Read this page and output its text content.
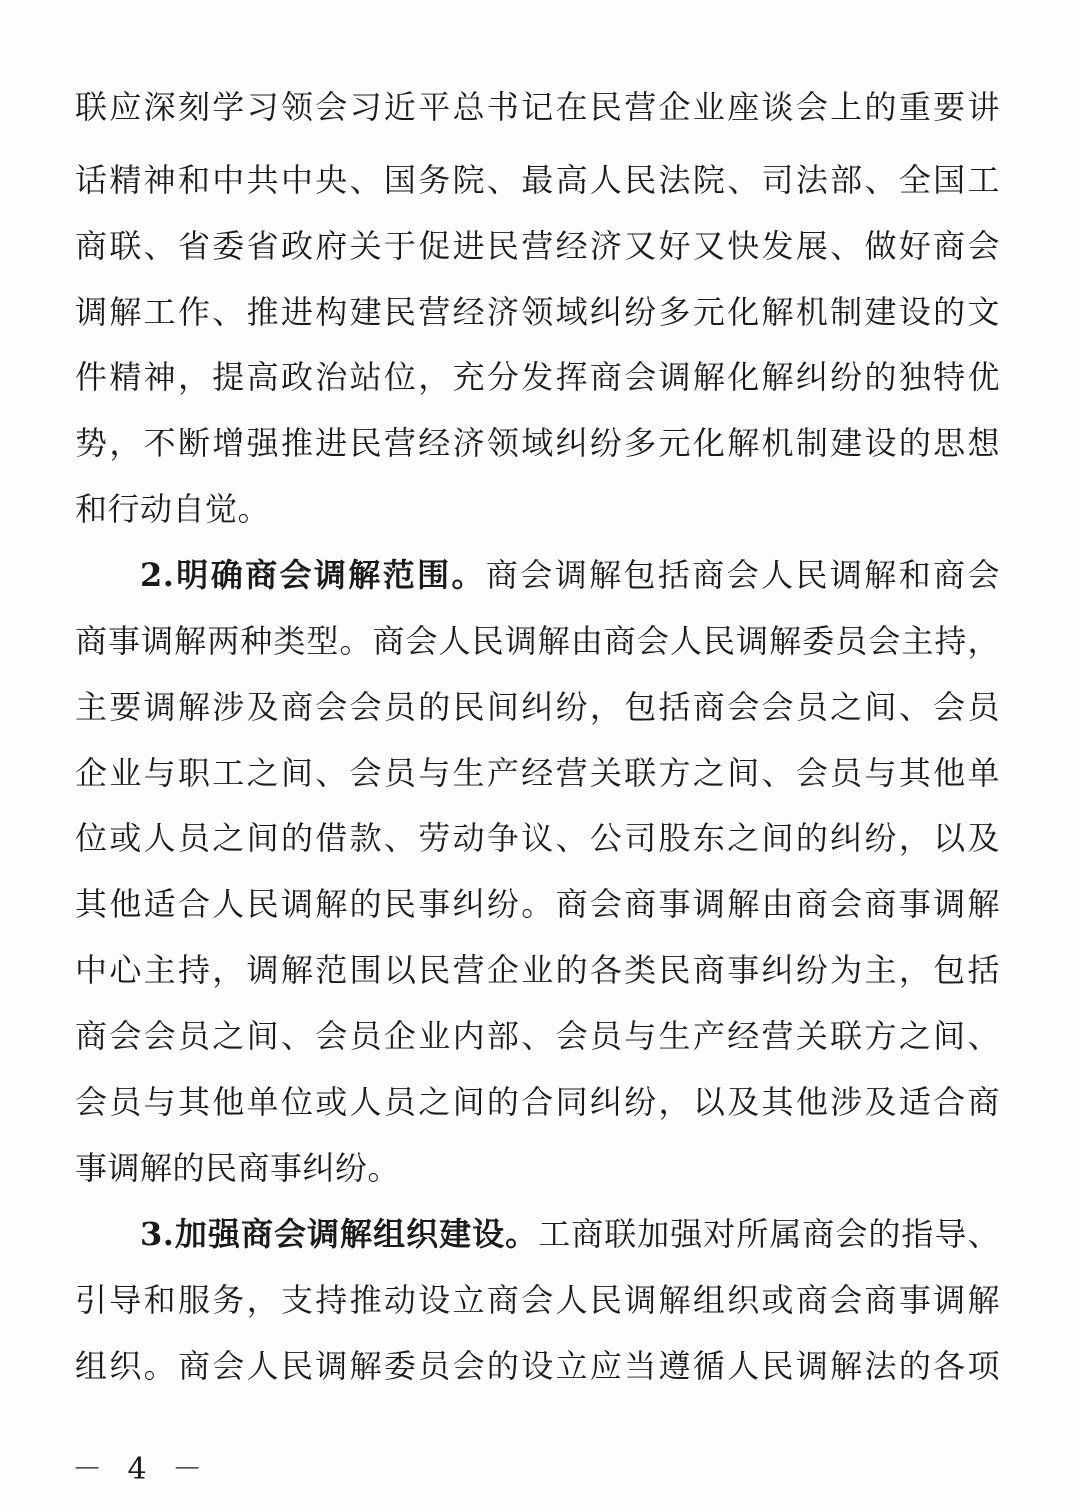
联应深刻学习领会习近平总书记在民营企业座谈会上的重要讲
话精神和中共中央、国务院、最高人民法院、司法部、全国工
商联、省委省政府关于促进民营经济又好又快发展、做好商会
调解工作、推进构建民营经济领域纠纷多元化解机制建设的文
件精神，提高政治站位，充分发挥商会调解化解纠纷的独特优
势，不断增强推进民营经济领域纠纷多元化解机制建设的思想
和行动自觉。
2.明确商会调解范围。商会调解包括商会人民调解和商会
商事调解两种类型。商会人民调解由商会人民调解委员会主持，
主要调解涉及商会会员的民间纠纷，包括商会会员之间、会员
企业与职工之间、会员与生产经营关联方之间、会员与其他单
位或人员之间的借款、劳动争议、公司股东之间的纠纷，以及
其他适合人民调解的民事纠纷。商会商事调解由商会商事调解
中心主持，调解范围以民营企业的各类民商事纠纷为主，包括
商会会员之间、会员企业内部、会员与生产经营关联方之间、
会员与其他单位或人员之间的合同纠纷，以及其他涉及适合商
事调解的民商事纠纷。
3.加强商会调解组织建设。工商联加强对所属商会的指导、
引导和服务，支持推动设立商会人民调解组织或商会商事调解
组织。商会人民调解委员会的设立应当遵循人民调解法的各项
－ 4 －
